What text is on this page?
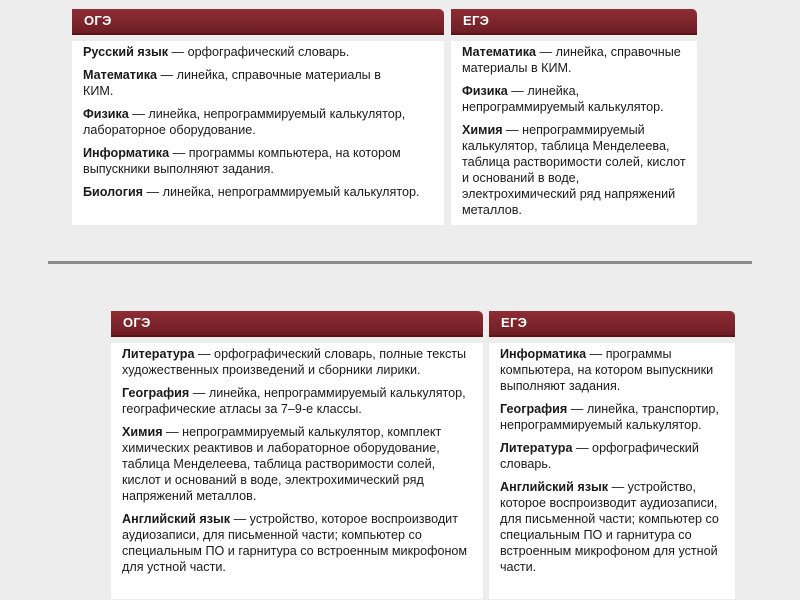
ОГЭ
Русский язык — орфографический словарь.
Математика — линейка, справочные материалы в КИМ.
Физика — линейка, непрограммируемый калькулятор, лабораторное оборудование.
Информатика — программы компьютера, на котором выпускники выполняют задания.
Биология — линейка, непрограммируемый калькулятор.
ЕГЭ
Математика — линейка, справочные материалы в КИМ.
Физика — линейка, непрограммируемый калькулятор.
Химия — непрограммируемый калькулятор, таблица Менделеева, таблица растворимости солей, кислот и оснований в воде, электрохимический ряд напряжений металлов.
ОГЭ
Литература — орфографический словарь, полные тексты художественных произведений и сборники лирики.
География — линейка, непрограммируемый калькулятор, географические атласы за 7–9-е классы.
Химия — непрограммируемый калькулятор, комплект химических реактивов и лабораторное оборудование, таблица Менделеева, таблица растворимости солей, кислот и оснований в воде, электрохимический ряд напряжений металлов.
Английский язык — устройство, которое воспроизводит аудиозаписи, для письменной части; компьютер со специальным ПО и гарнитура со встроенным микрофоном для устной части.
ЕГЭ
Информатика — программы компьютера, на котором выпускники выполняют задания.
География — линейка, транспортир, непрограммируемый калькулятор.
Литература — орфографический словарь.
Английский язык — устройство, которое воспроизводит аудиозаписи, для письменной части; компьютер со специальным ПО и гарнитура со встроенным микрофоном для устной части.
